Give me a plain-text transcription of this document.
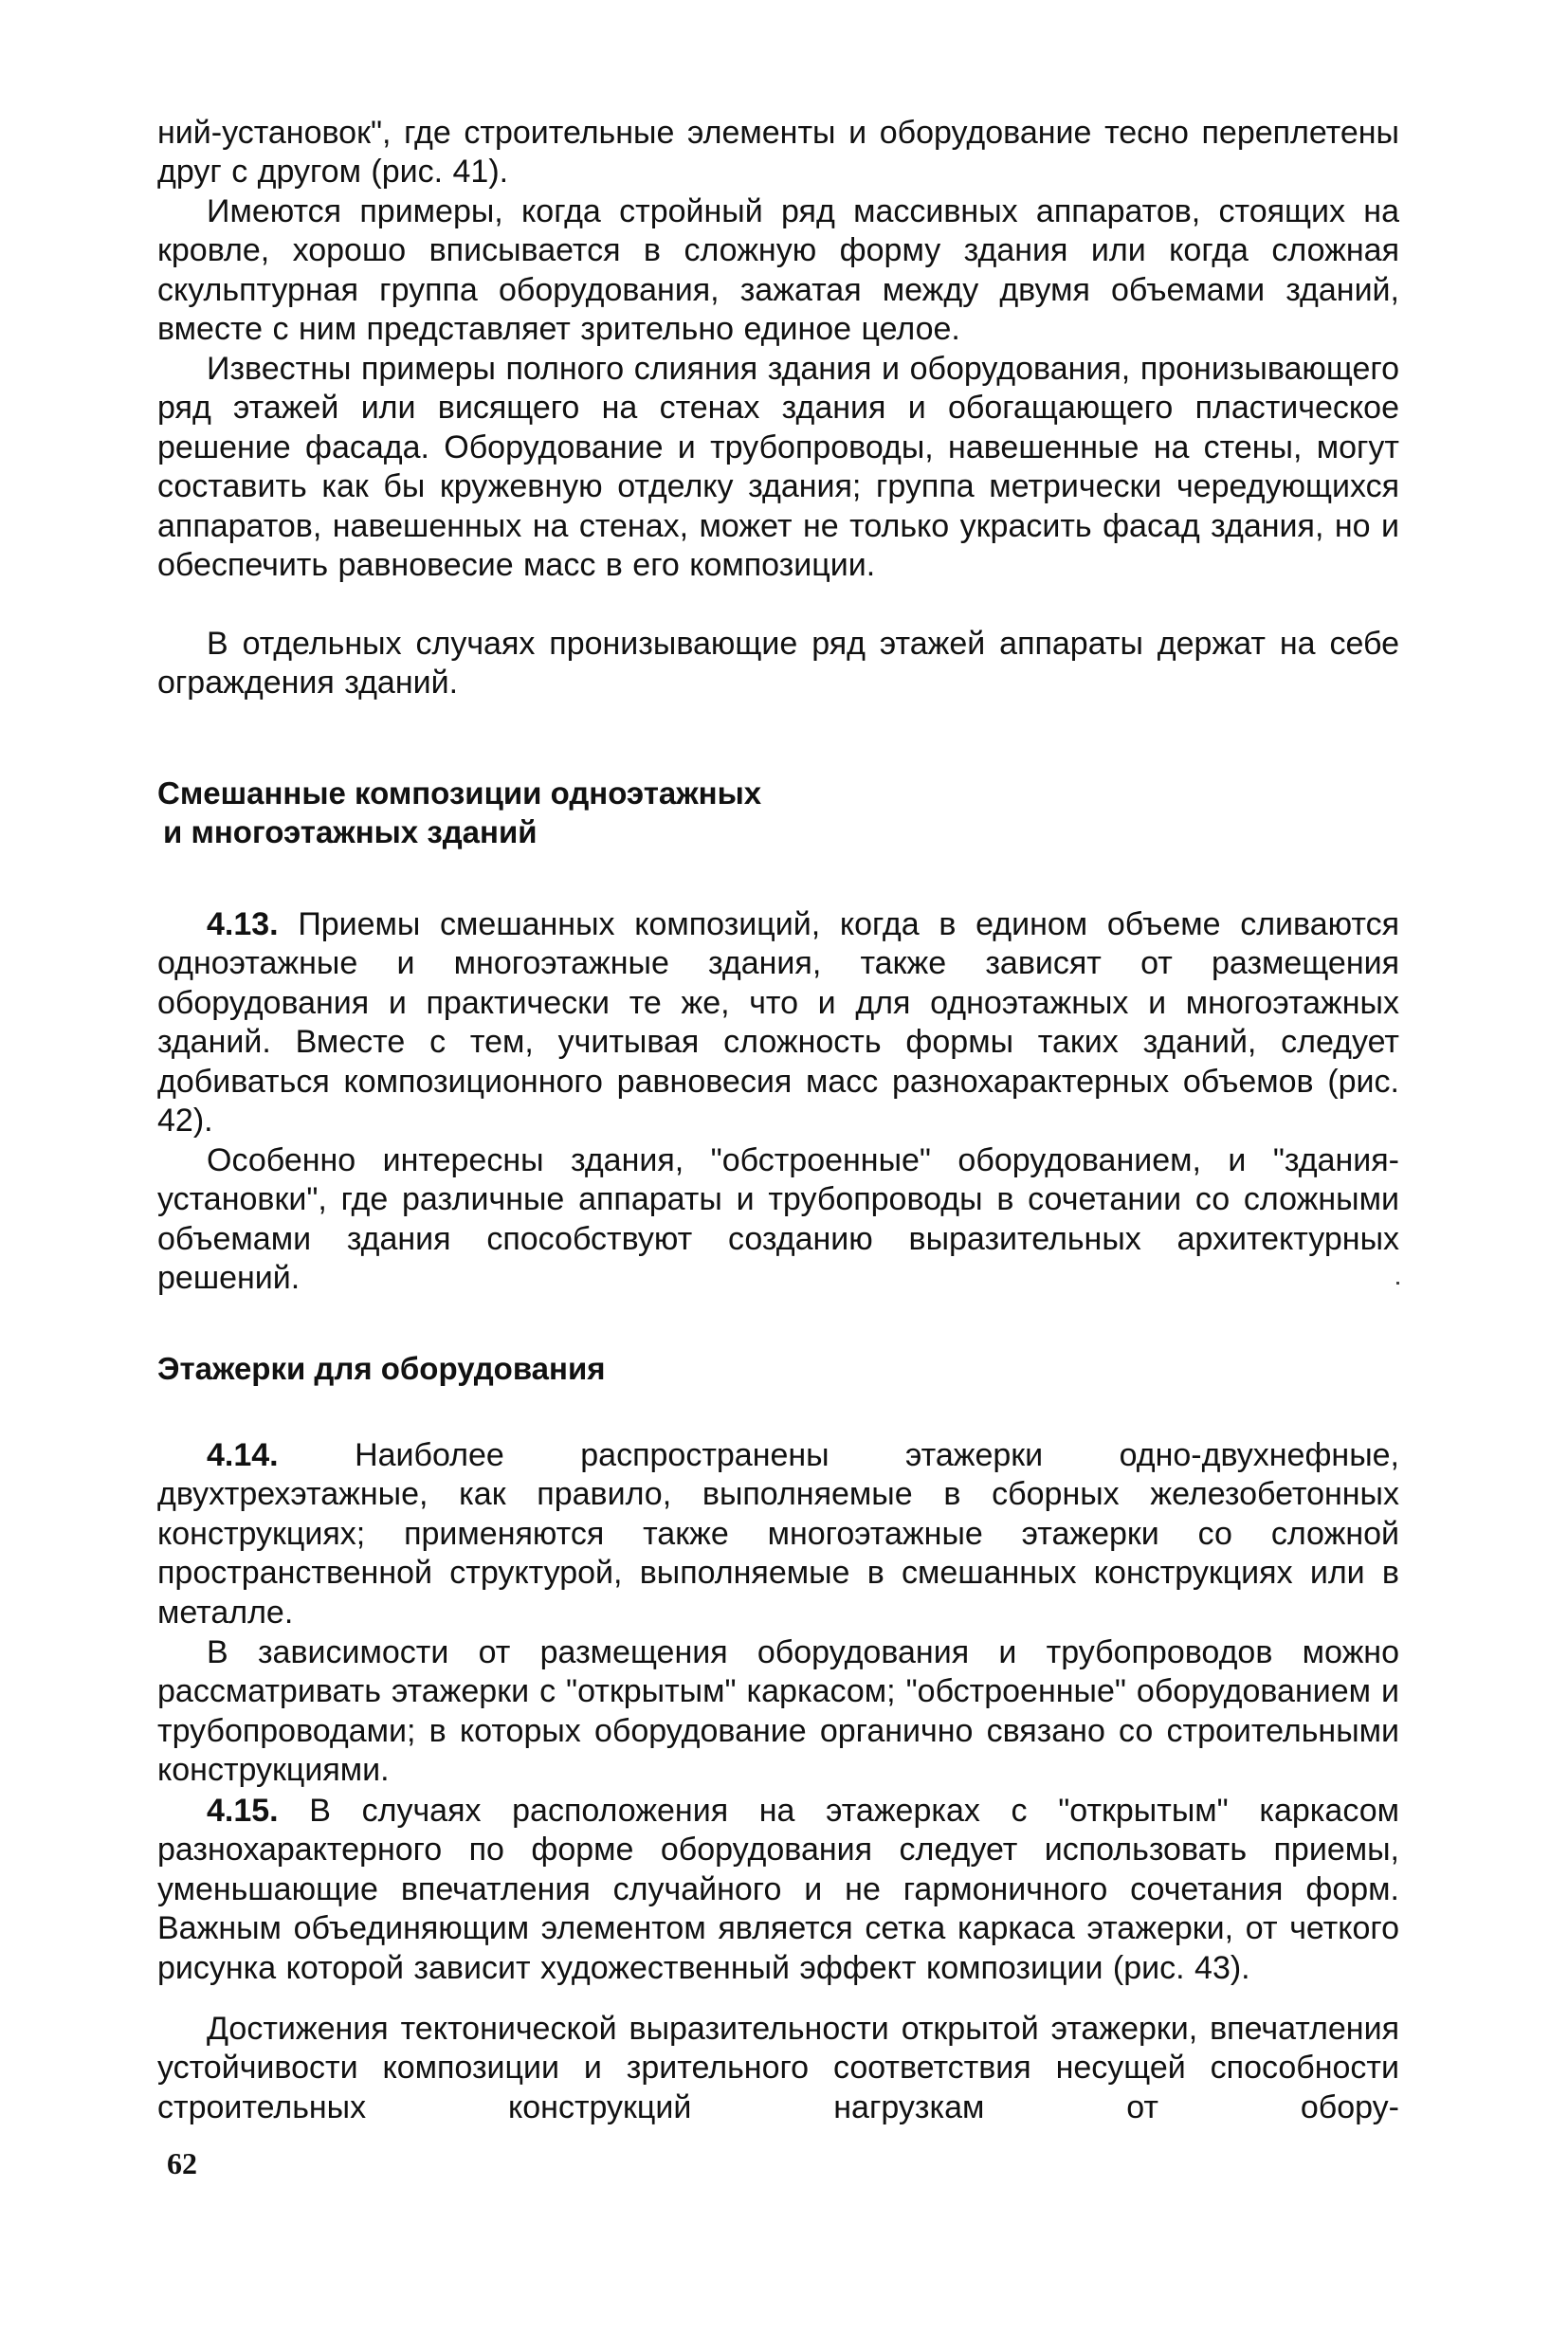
ний-установок", где строительные элементы и оборудование тесно переплетены друг с другом (рис. 41).

Имеются примеры, когда стройный ряд массивных аппаратов, стоящих на кровле, хорошо вписывается в сложную форму здания или когда сложная скульптурная группа оборудования, зажатая между двумя объемами зданий, вместе с ним представляет зрительно единое целое.

Известны примеры полного слияния здания и оборудования, пронизывающего ряд этажей или висящего на стенах здания и обогащающего пластическое решение фасада. Оборудование и трубопроводы, навешенные на стены, могут составить как бы кружевную отделку здания; группа метрически чередующихся аппаратов, навешенных на стенах, может не только украсить фасад здания, но и обеспечить равновесие масс в его композиции.

В отдельных случаях пронизывающие ряд этажей аппараты держат на себе ограждения зданий.

Смешанные композиции одноэтажных

и многоэтажных зданий

4.13. Приемы смешанных композиций, когда в едином объеме сливаются одноэтажные и многоэтажные здания, также зависят от размещения оборудования и практически те же, что и для одноэтажных и многоэтажных зданий. Вместе с тем, учитывая сложность формы таких зданий, следует добиваться композиционного равновесия масс разнохарактерных объемов (рис. 42).

Особенно интересны здания, "обстроенные" оборудованием, и "здания-установки", где различные аппараты и трубопроводы в сочетании со сложными объемами здания способствуют созданию выразительных архитектурных решений.

Этажерки для оборудования

4.14. Наиболее распространены этажерки одно-двухнефные, двухтрехэтажные, как правило, выполняемые в сборных железобетонных конструкциях; применяются также многоэтажные этажерки со сложной пространственной структурой, выполняемые в смешанных конструкциях или в металле.

В зависимости от размещения оборудования и трубопроводов можно рассматривать этажерки с "открытым" каркасом; "обстроенные" оборудованием и трубопроводами; в которых оборудование органично связано со строительными конструкциями.

4.15. В случаях расположения на этажерках с "открытым" каркасом разнохарактерного по форме оборудования следует использовать приемы, уменьшающие впечатления случайного и не гармоничного сочетания форм. Важным объединяющим элементом является сетка каркаса этажерки, от четкого рисунка которой зависит художественный эффект композиции (рис. 43).

Достижения тектонической выразительности открытой этажерки, впечатления устойчивости композиции и зрительного соответствия несущей способности строительных конструкций нагрузкам от обору-

62
